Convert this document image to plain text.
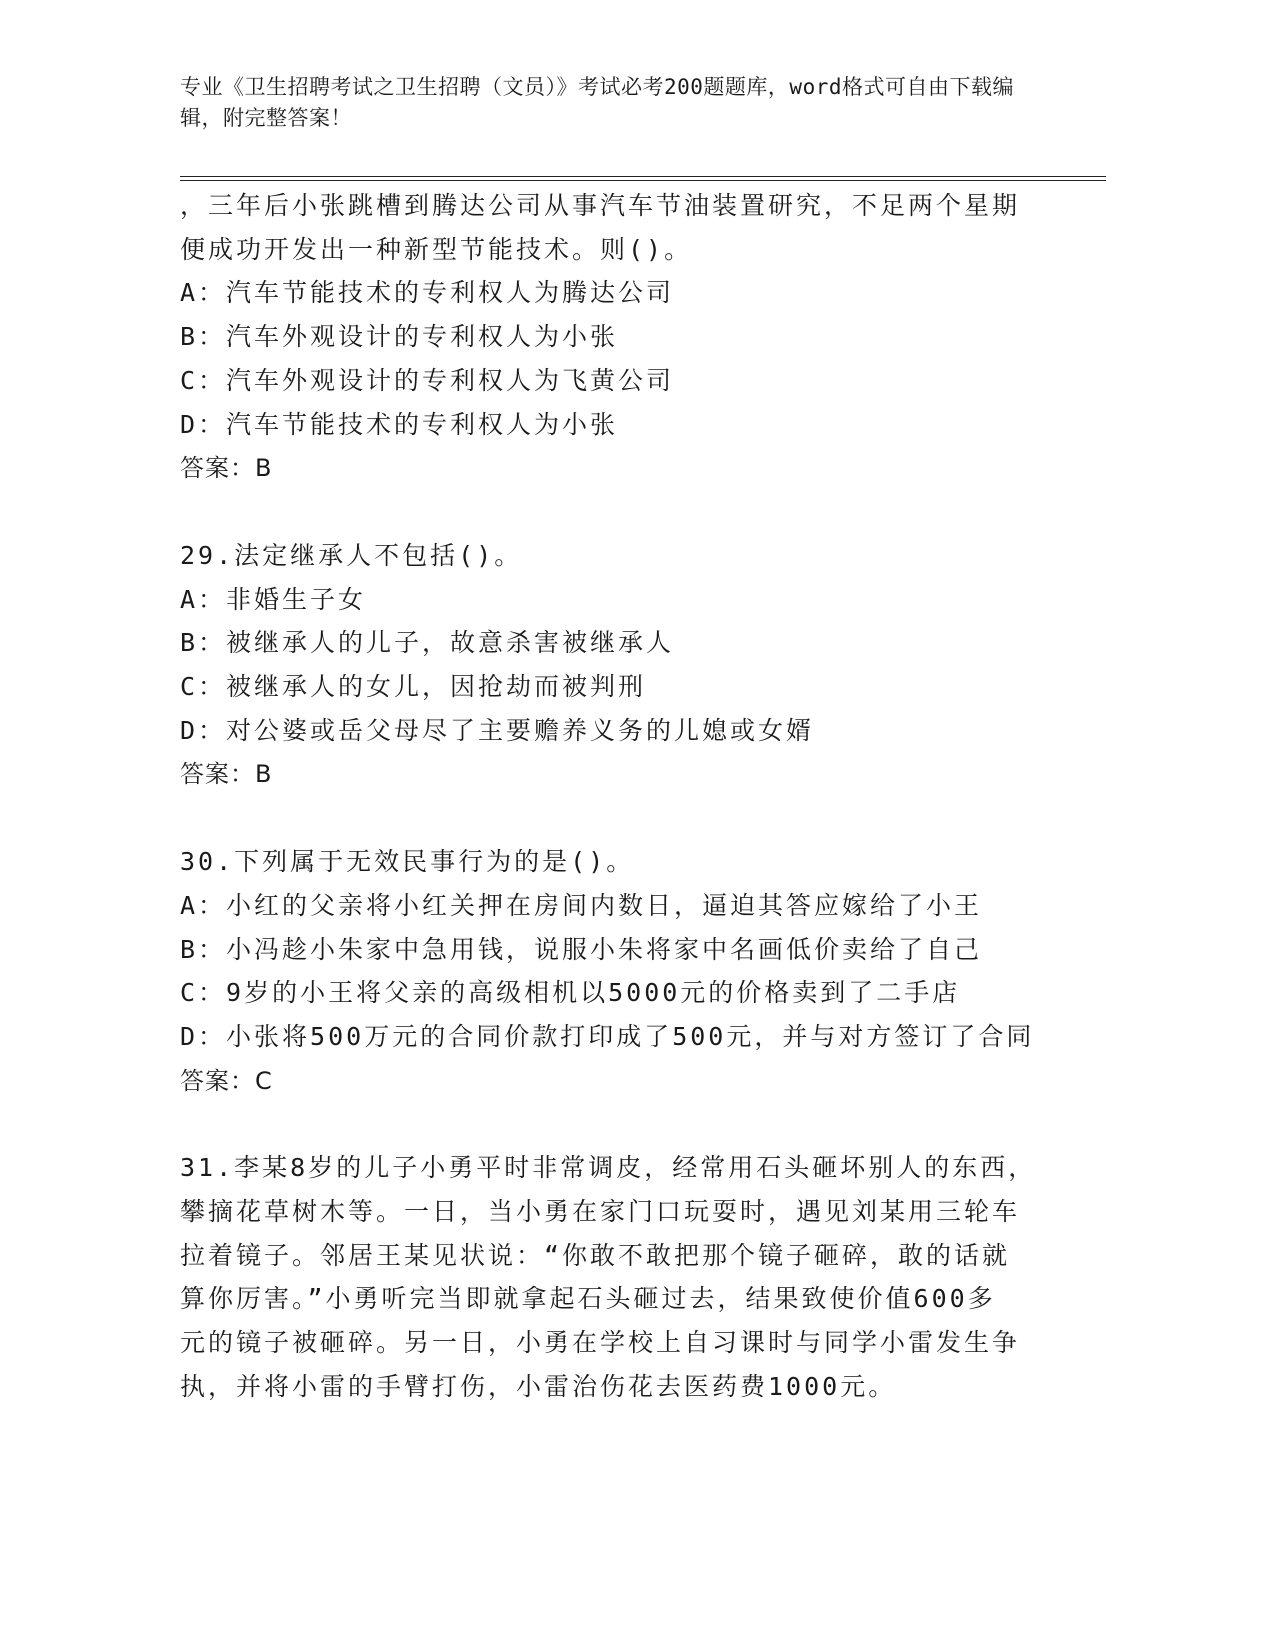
专业《卫生招聘考试之卫生招聘（文员）》考试必考200题题库，word格式可自由下载编辑，附完整答案！
，三年后小张跳槽到腾达公司从事汽车节油装置研究，不足两个星期
便成功开发出一种新型节能技术。则()。
A：汽车节能技术的专利权人为腾达公司
B：汽车外观设计的专利权人为小张
C：汽车外观设计的专利权人为飞黄公司
D：汽车节能技术的专利权人为小张
答案：B
29.法定继承人不包括()。
A：非婚生子女
B：被继承人的儿子，故意杀害被继承人
C：被继承人的女儿，因抢劫而被判刑
D：对公婆或岳父母尽了主要赡养义务的儿媳或女婿
答案：B
30.下列属于无效民事行为的是()。
A：小红的父亲将小红关押在房间内数日，逼迫其答应嫁给了小王
B：小冯趁小朱家中急用钱，说服小朱将家中名画低价卖给了自己
C：9岁的小王将父亲的高级相机以5000元的价格卖到了二手店
D：小张将500万元的合同价款打印成了500元，并与对方签订了合同
答案：C
31.李某8岁的儿子小勇平时非常调皮，经常用石头砸坏别人的东西，
攀摘花草树木等。一日，当小勇在家门口玩耍时，遇见刘某用三轮车
拉着镜子。邻居王某见状说：“你敢不敢把那个镜子砸碎，敢的话就
算你厉害。”小勇听完当即就拿起石头砸过去，结果致使价值600多
元的镜子被砸碎。另一日，小勇在学校上自习课时与同学小雷发生争
执，并将小雷的手臂打伤，小雷治伤花去医药费1000元。
